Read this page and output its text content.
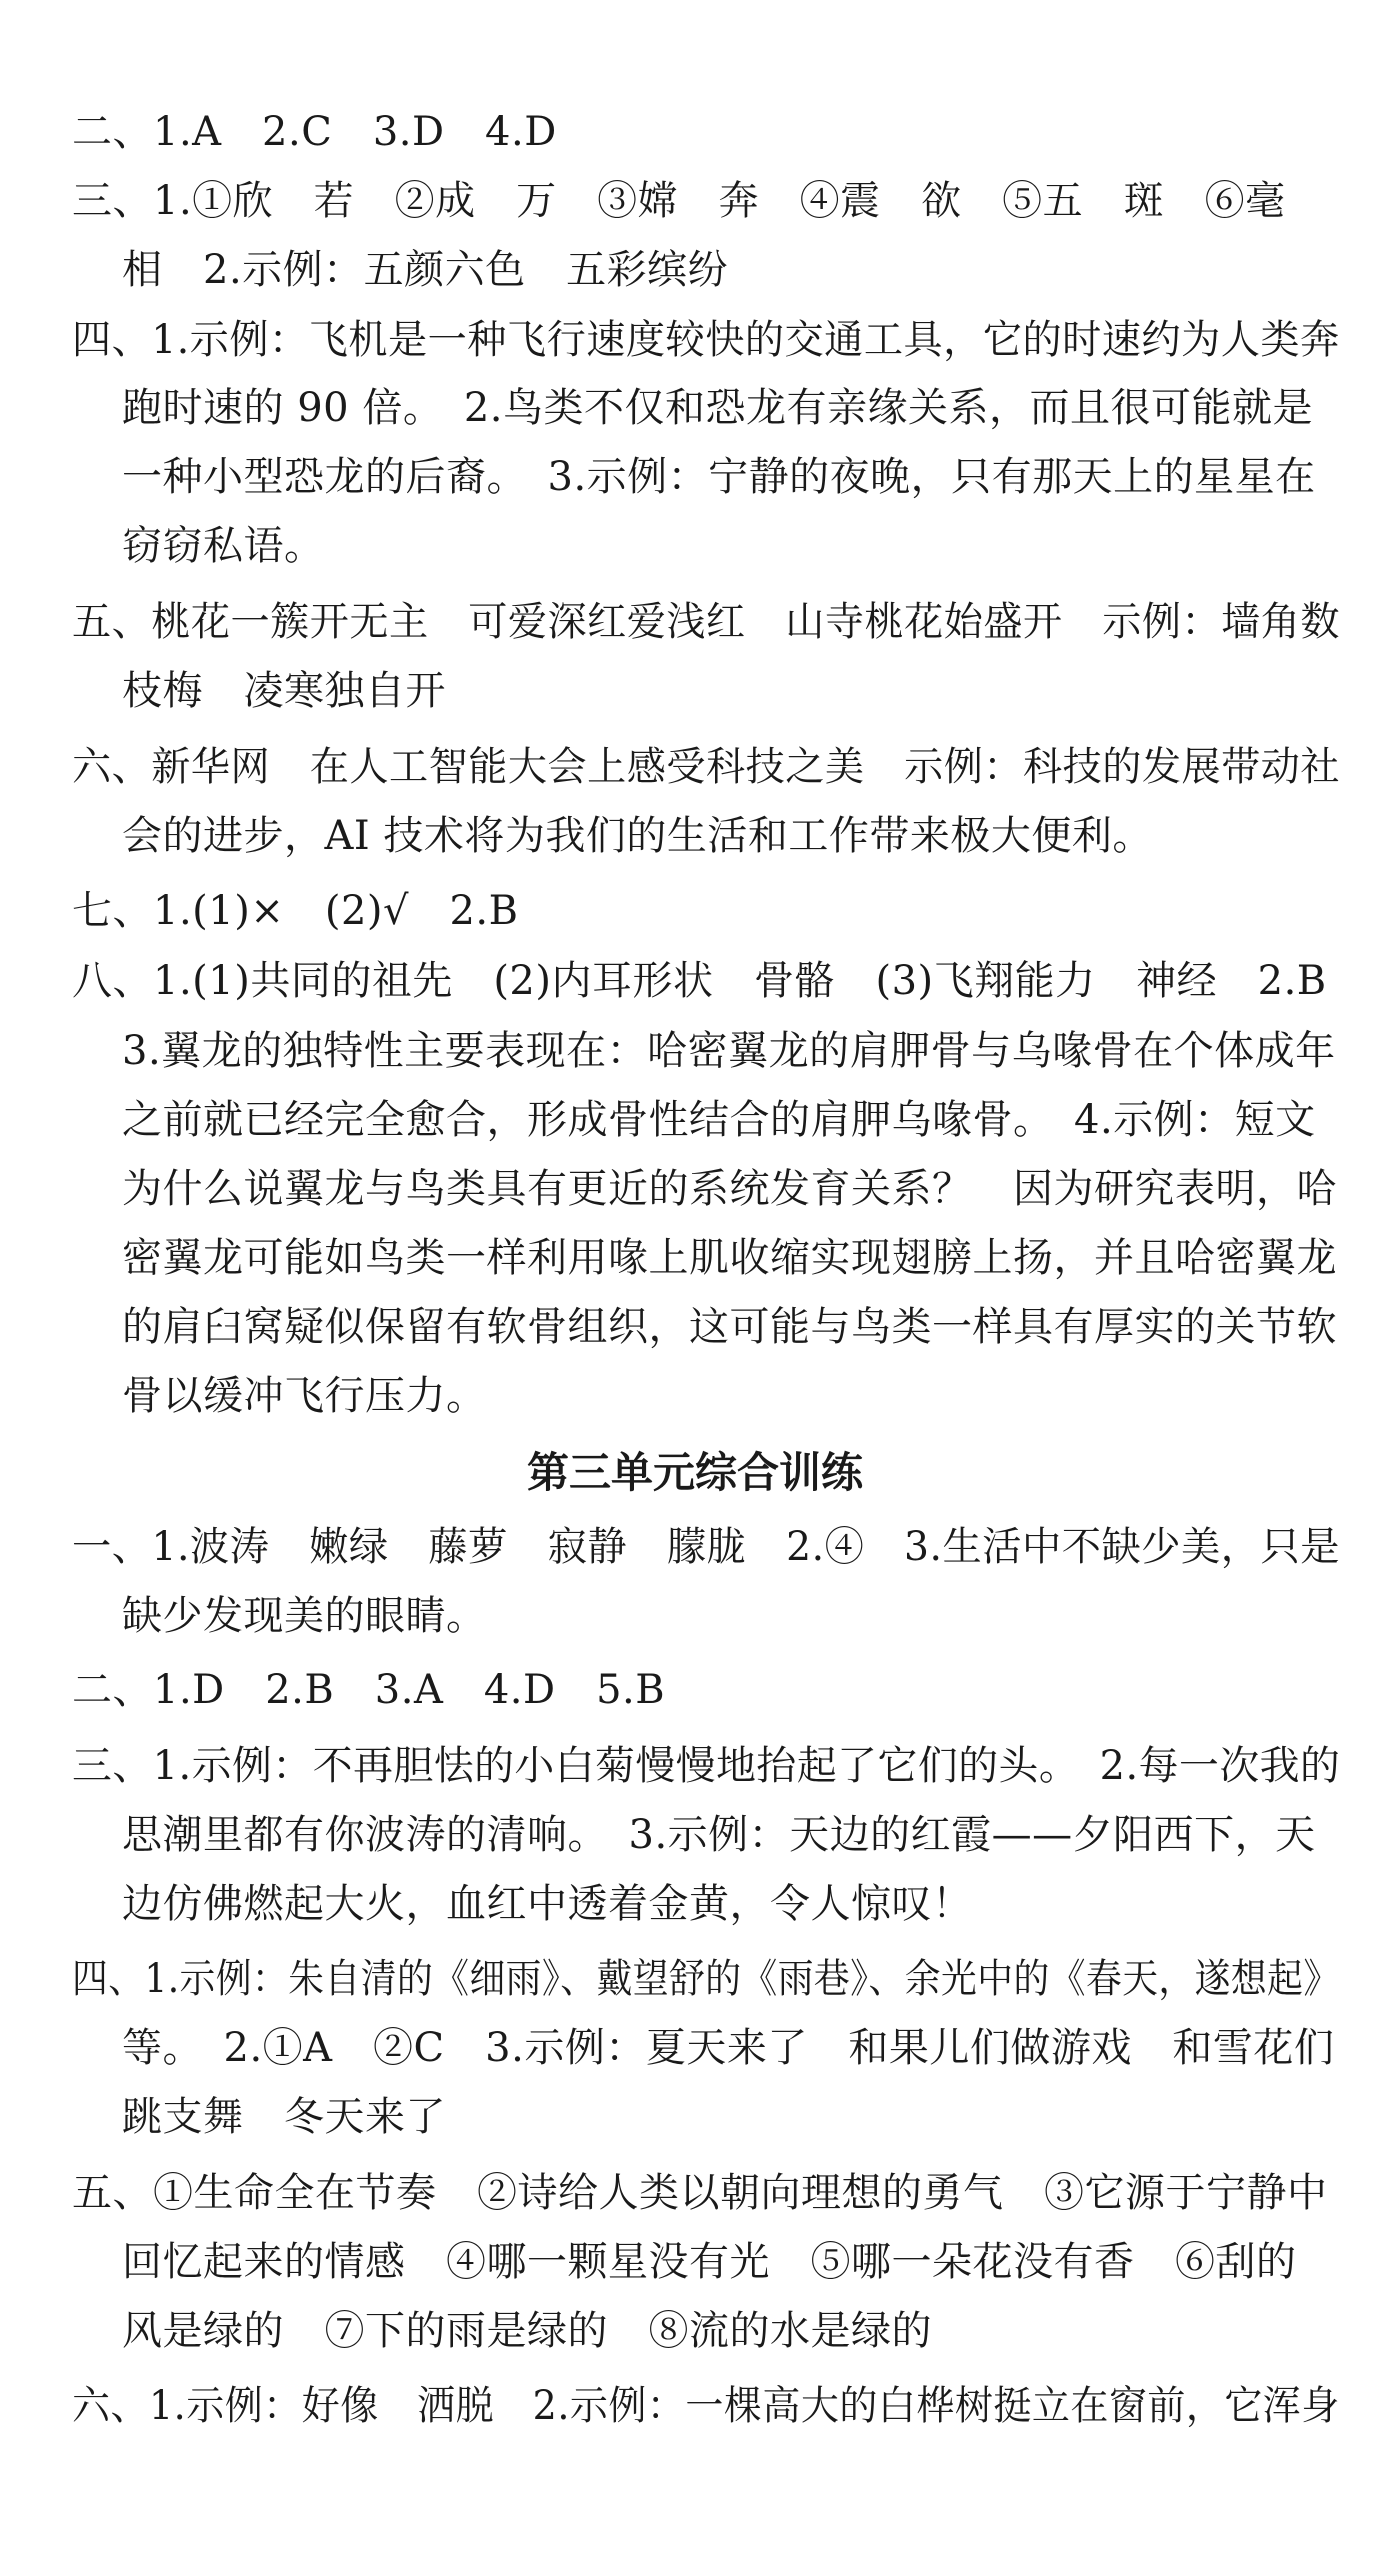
二、1.A　2.C　3.D　4.D
三、1.①欣　若　②成　万　③嫦　奔　④震　欲　⑤五　斑　⑥毫
相　2.示例：五颜六色　五彩缤纷
四、1.示例：飞机是一种飞行速度较快的交通工具，它的时速约为人类奔
跑时速的 90 倍。　2.鸟类不仅和恐龙有亲缘关系，而且很可能就是
一种小型恐龙的后裔。　3.示例：宁静的夜晚，只有那天上的星星在
窃窃私语。
五、桃花一簇开无主　可爱深红爱浅红　山寺桃花始盛开　示例：墙角数
枝梅　凌寒独自开
六、新华网　在人工智能大会上感受科技之美　示例：科技的发展带动社
会的进步，AI 技术将为我们的生活和工作带来极大便利。
七、1.(1)×　(2)√　2.B
八、1.(1)共同的祖先　(2)内耳形状　骨骼　(3)飞翔能力　神经　2.B
3.翼龙的独特性主要表现在：哈密翼龙的肩胛骨与乌喙骨在个体成年
之前就已经完全愈合，形成骨性结合的肩胛乌喙骨。　4.示例：短文
为什么说翼龙与鸟类具有更近的系统发育关系？　因为研究表明，哈
密翼龙可能如鸟类一样利用喙上肌收缩实现翅膀上扬，并且哈密翼龙
的肩臼窝疑似保留有软骨组织，这可能与鸟类一样具有厚实的关节软
骨以缓冲飞行压力。
第三单元综合训练
一、1.波涛　嫩绿　藤萝　寂静　朦胧　2.④　3.生活中不缺少美，只是
缺少发现美的眼睛。
二、1.D　2.B　3.A　4.D　5.B
三、1.示例：不再胆怯的小白菊慢慢地抬起了它们的头。　2.每一次我的
思潮里都有你波涛的清响。　3.示例：天边的红霞——夕阳西下，天
边仿佛燃起大火，血红中透着金黄，令人惊叹！
四、1.示例：朱自清的《细雨》、戴望舒的《雨巷》、余光中的《春天，遂想起》
等。　2.①A　②C　3.示例：夏天来了　和果儿们做游戏　和雪花们
跳支舞　冬天来了
五、①生命全在节奏　②诗给人类以朝向理想的勇气　③它源于宁静中
回忆起来的情感　④哪一颗星没有光　⑤哪一朵花没有香　⑥刮的
风是绿的　⑦下的雨是绿的　⑧流的水是绿的
六、1.示例：好像　洒脱　2.示例：一棵高大的白桦树挺立在窗前，它浑身
